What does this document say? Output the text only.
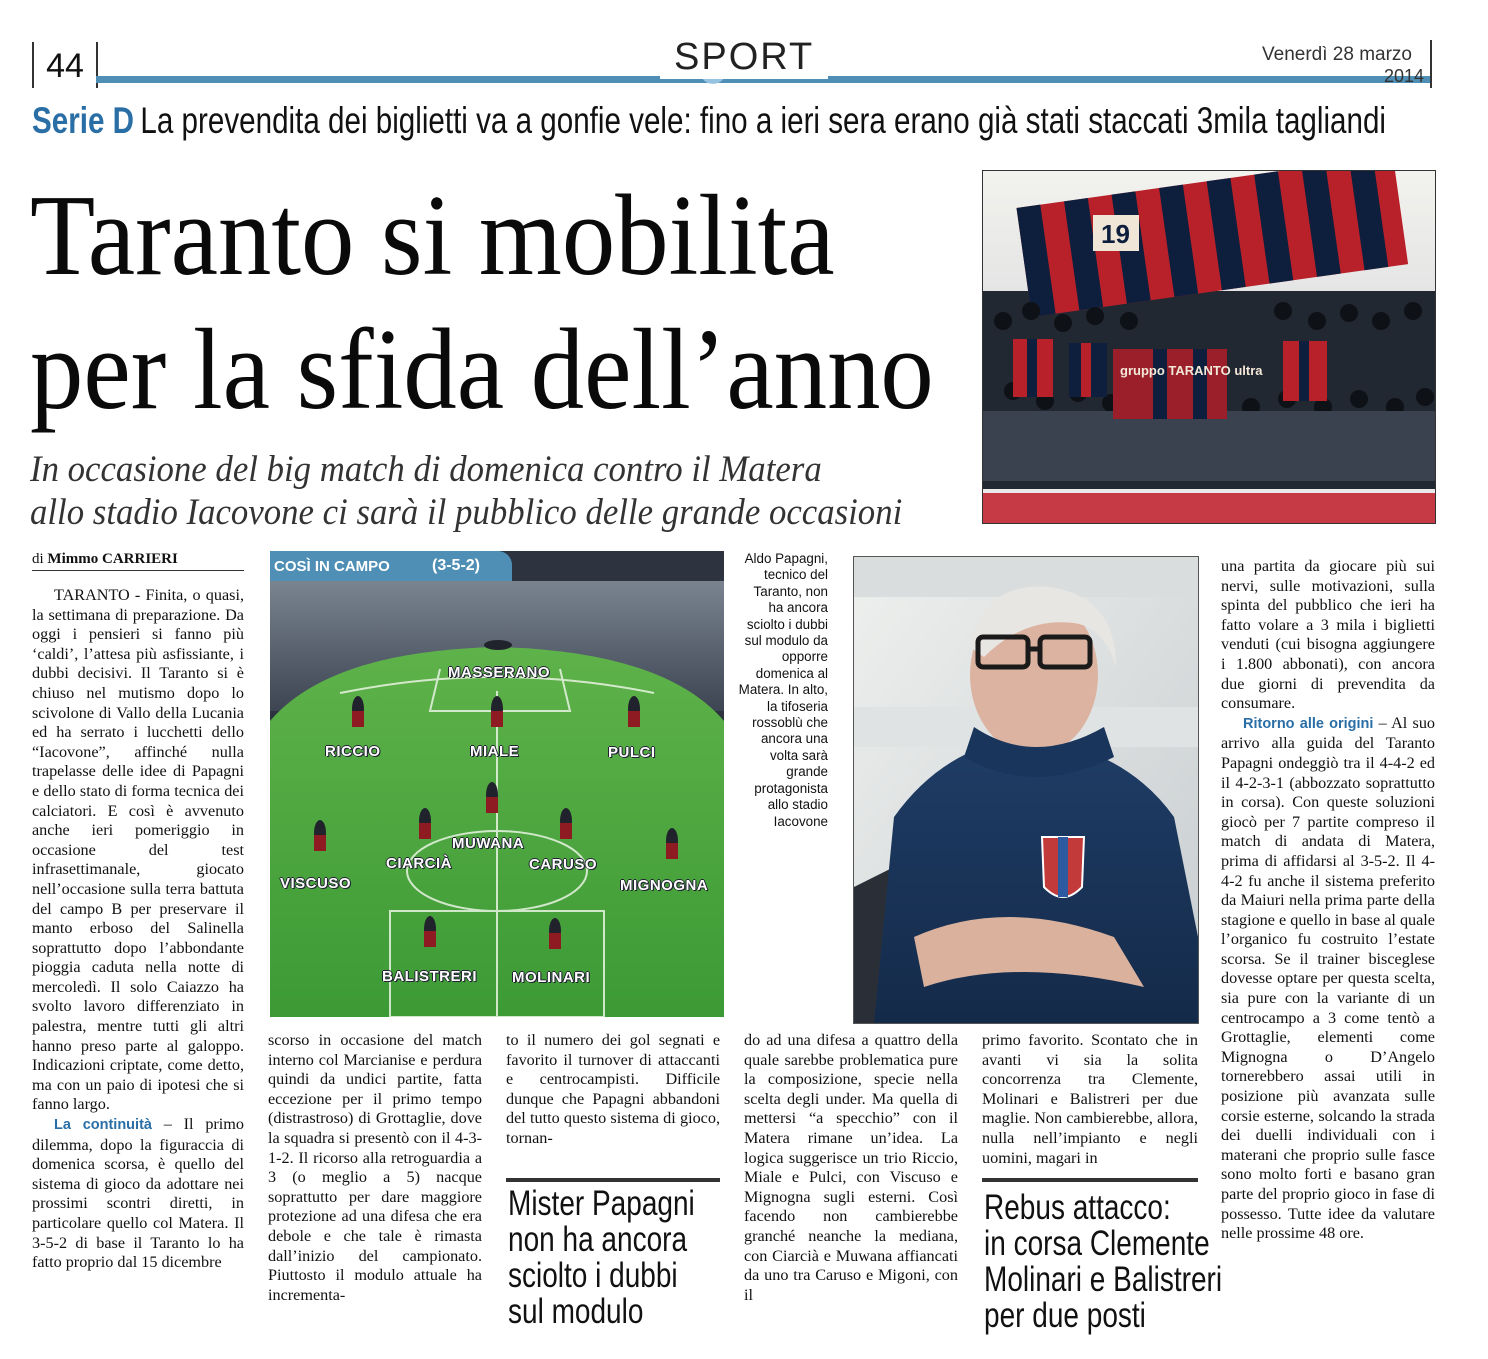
44	SPORT	Venerdì 28 marzo
2014
Serie D La prevendita dei biglietti va a gonfie vele: fino a ieri sera erano già stati staccati 3mila tagliandi
Taranto si mobilita
per la sfida dell’anno
In occasione del big match di domenica contro il Matera
allo stadio Iacovone ci sarà il pubblico delle grande occasioni
19
gruppo TARANTO ultra
di Mimmo CARRIERI

TARANTO - Finita, o quasi, la settimana di preparazione. Da oggi i pensieri si fanno più ‘caldi’, l’attesa più asfissiante, i dubbi decisivi. Il Taranto si è chiuso nel mutismo dopo lo scivolone di Vallo della Lucania ed ha serrato i lucchetti dello “Iacovone”, affinché nulla trapelasse delle idee di Papagni e dello stato di forma tecnica dei calciatori. E così è avvenuto anche ieri pomeriggio in occasione del test infrasettimanale, giocato nell’occasione sulla terra battuta del campo B per preservare il manto erboso del Salinella soprattutto dopo l’abbondante pioggia caduta nella notte di mercoledì. Il solo Caiazzo ha svolto lavoro differenziato in palestra, mentre tutti gli altri hanno preso parte al galoppo. Indicazioni criptate, come detto, ma con un paio di ipotesi che si fanno largo.

La continuità – Il primo dilemma, dopo la figuraccia di domenica scorsa, è quello del sistema di gioco da adottare nei prossimi scontri diretti, in particolare quello col Matera. Il 3-5-2 di base il Taranto lo ha fatto proprio dal 15 dicembre

COSÌ IN CAMPO	(3-5-2)
MASSERANO
RICCIO	MIALE	PULCI
MUWANA
CIARCIÀ	CARUSO
VISCUSO	MIGNOGNA
BALISTRERI MOLINARI
Aldo Papagni, tecnico del Taranto, non ha ancora sciolto i dubbi sul modulo da opporre domenica al Matera. In alto, la tifoseria rossoblù che ancora una volta sarà grande protagonista allo stadio Iacovone

scorso in occasione del match interno col Marcianise e perdura quindi da undici partite, fatta eccezione per il primo tempo (distrastroso) di Grottaglie, dove la squadra si presentò con il 4-3-1-2. Il ricorso alla retroguardia a 3 (o meglio a 5) nacque soprattutto per dare maggiore protezione ad una difesa che era debole e che tale è rimasta dall’inizio del campionato. Piuttosto il modulo attuale ha incrementa-

to il numero dei gol segnati e favorito il turnover di attaccanti e centrocampisti. Difficile dunque che Papagni abbandoni del tutto questo sistema di gioco, tornan-

do ad una difesa a quattro della quale sarebbe problematica pure la composizione, specie nella scelta degli under. Ma quella di mettersi “a specchio” con il Matera rimane un’idea. La logica suggerisce un trio Riccio, Miale e Pulci, con Viscuso e Mignogna sugli esterni. Così facendo non cambierebbe granché neanche la mediana, con Ciarcià e Muwana affiancati da uno tra Caruso e Migoni, con il

primo favorito. Scontato che in avanti vi sia la solita concorrenza tra Clemente, Molinari e Balistreri per due maglie. Non cambierebbe, allora, nulla nell’impianto e negli uomini, magari in

una partita da giocare più sui nervi, sulle motivazioni, sulla spinta del pubblico che ieri ha fatto volare a 3 mila i biglietti venduti (cui bisogna aggiungere i 1.800 abbonati), con ancora due giorni di prevendita da consumare.

Ritorno alle origini – Al suo arrivo alla guida del Taranto Papagni ondeggiò tra il 4-4-2 ed il 4-2-3-1 (abbozzato soprattutto in corsa). Con queste soluzioni giocò per 7 partite compreso il match di andata di Matera, prima di affidarsi al 3-5-2. Il 4-4-2 fu anche il sistema preferito da Maiuri nella prima parte della stagione e quello in base al quale l’organico fu costruito l’estate scorsa. Se il trainer bisceglese dovesse optare per questa scelta, sia pure con la variante di un centrocampo a 3 come tentò a Grottaglie, elementi come Mignogna o D’Angelo tornerebbero assai utili in posizione più avanzata sulle corsie esterne, solcando la strada dei duelli individuali con i materani che proprio sulle fasce sono molto forti e basano gran parte del proprio gioco in fase di possesso. Tutte idee da valutare nelle prossime 48 ore.

Mister Papagni
non ha ancora
sciolto i dubbi
sul modulo
Rebus attacco:
in corsa Clemente
Molinari e Balistreri
per due posti
